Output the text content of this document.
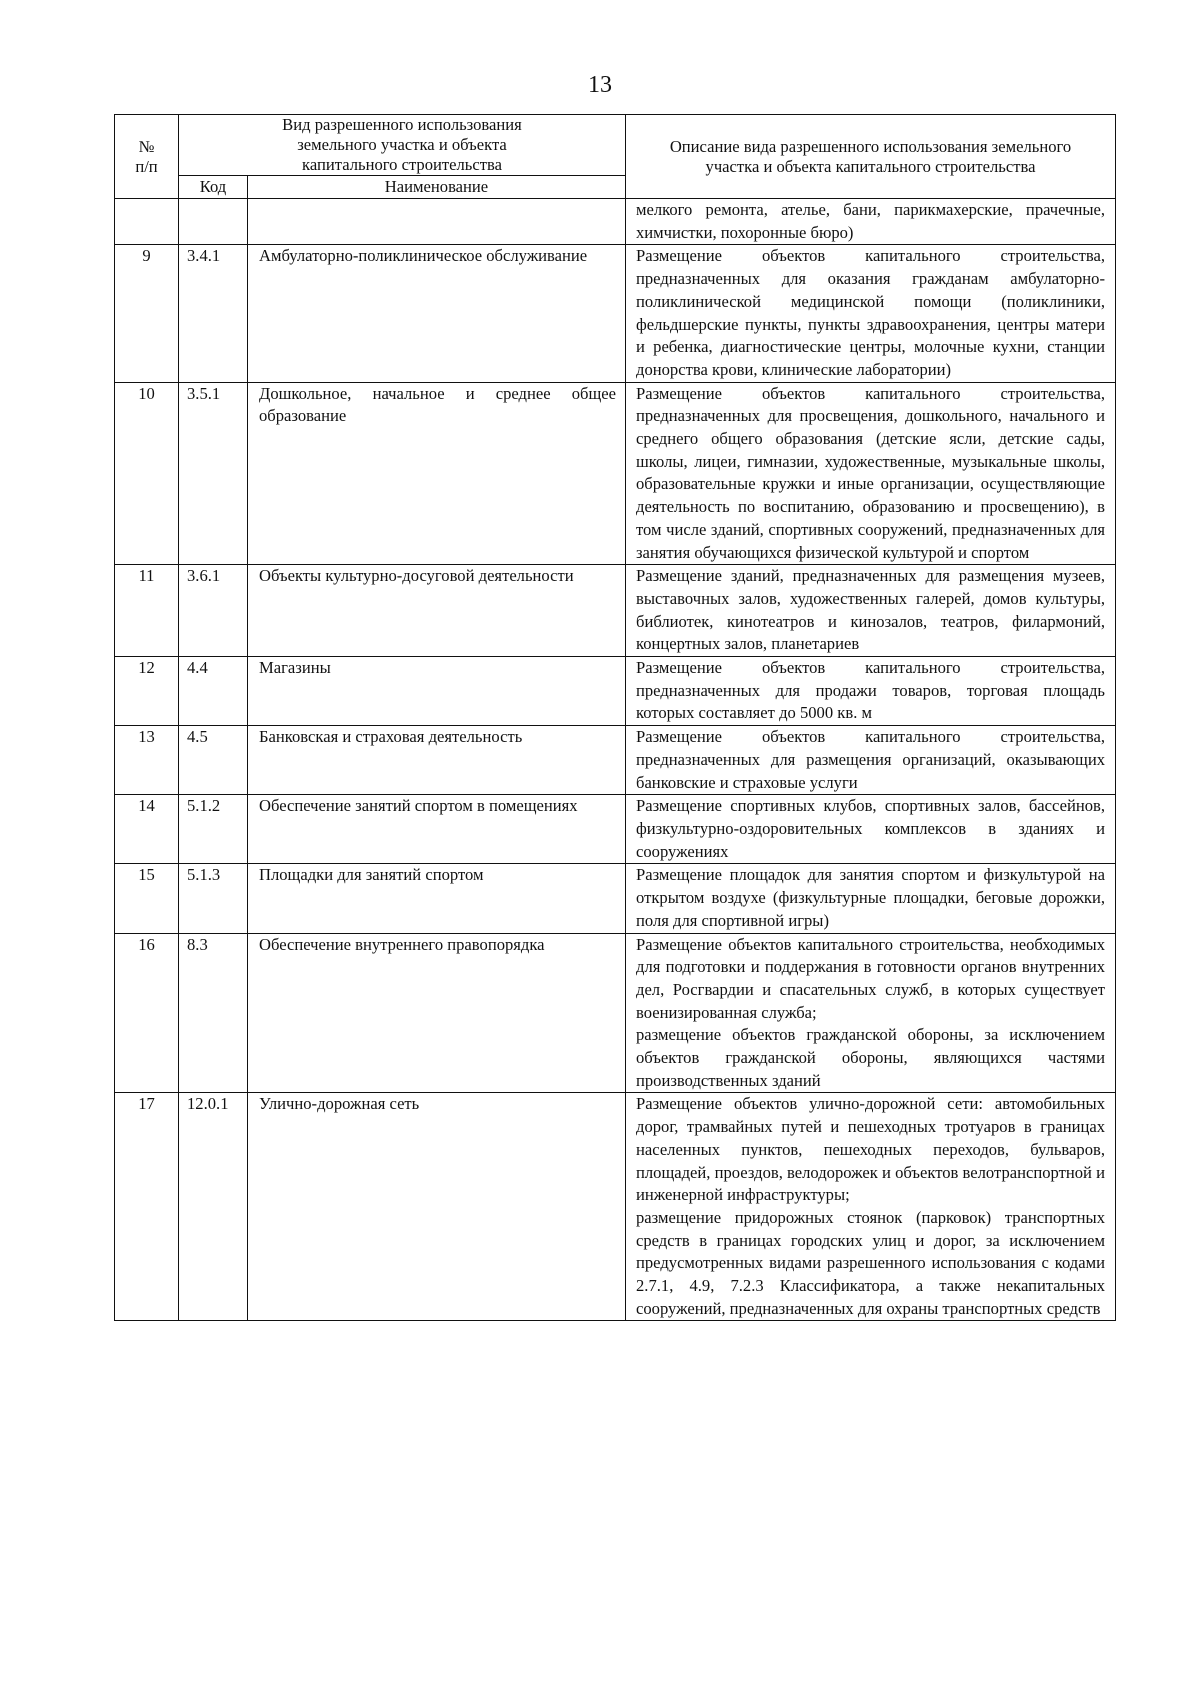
13
№
п/п	Вид разрешенного использования земельного участка и объекта капитального строительства		Описание вида разрешенного использования земельного участка и объекта капитального строительства
	Код	Наименование	
			мелкого ремонта, ателье, бани, парикмахерские, прачечные, химчистки, похоронные бюро)
9	3.4.1	Амбулаторно-поликлиническое обслуживание	Размещение объектов капитального строительства, предназначенных для оказания гражданам амбулаторно-поликлинической медицинской помощи (поликлиники, фельдшерские пункты, пункты здравоохранения, центры матери и ребенка, диагностические центры, молочные кухни, станции донорства крови, клинические лаборатории)
10	3.5.1	Дошкольное, начальное и среднее общее образование	Размещение объектов капитального строительства, предназначенных для просвещения, дошкольного, начального и среднего общего образования (детские ясли, детские сады, школы, лицеи, гимназии, художественные, музыкальные школы, образовательные кружки и иные организации, осуществляющие деятельность по воспитанию, образованию и просвещению), в том числе зданий, спортивных сооружений, предназначенных для занятия обучающихся физической культурой и спортом
11	3.6.1	Объекты культурно-досуговой деятельности	Размещение зданий, предназначенных для размещения музеев, выставочных залов, художественных галерей, домов культуры, библиотек, кинотеатров и кинозалов, театров, филармоний, концертных залов, планетариев
12	4.4	Магазины	Размещение объектов капитального строительства, предназначенных для продажи товаров, торговая площадь которых составляет до 5000 кв. м
13	4.5	Банковская и страховая деятельность	Размещение объектов капитального строительства, предназначенных для размещения организаций, оказывающих банковские и страховые услуги
14	5.1.2	Обеспечение занятий спортом в помещениях	Размещение спортивных клубов, спортивных залов, бассейнов, физкультурно-оздоровительных комплексов в зданиях и сооружениях
15	5.1.3	Площадки для занятий спортом	Размещение площадок для занятия спортом и физкультурой на открытом воздухе (физкультурные площадки, беговые дорожки, поля для спортивной игры)
16	8.3	Обеспечение внутреннего правопорядка	Размещение объектов капитального строительства, необходимых для подготовки и поддержания в готовности органов внутренних дел, Росгвардии и спасательных служб, в которых существует военизированная служба;
размещение объектов гражданской обороны, за исключением объектов гражданской обороны, являющихся частями производственных зданий
17	12.0.1	Улично-дорожная сеть	Размещение объектов улично-дорожной сети: автомобильных дорог, трамвайных путей и пешеходных тротуаров в границах населенных пунктов, пешеходных переходов, бульваров, площадей, проездов, велодорожек и объектов велотранспортной и инженерной инфраструктуры;
размещение придорожных стоянок (парковок) транспортных средств в границах городских улиц и дорог, за исключением предусмотренных видами разрешенного использования с кодами 2.7.1, 4.9, 7.2.3 Классификатора, а также некапитальных сооружений, предназначенных для охраны транспортных средств
